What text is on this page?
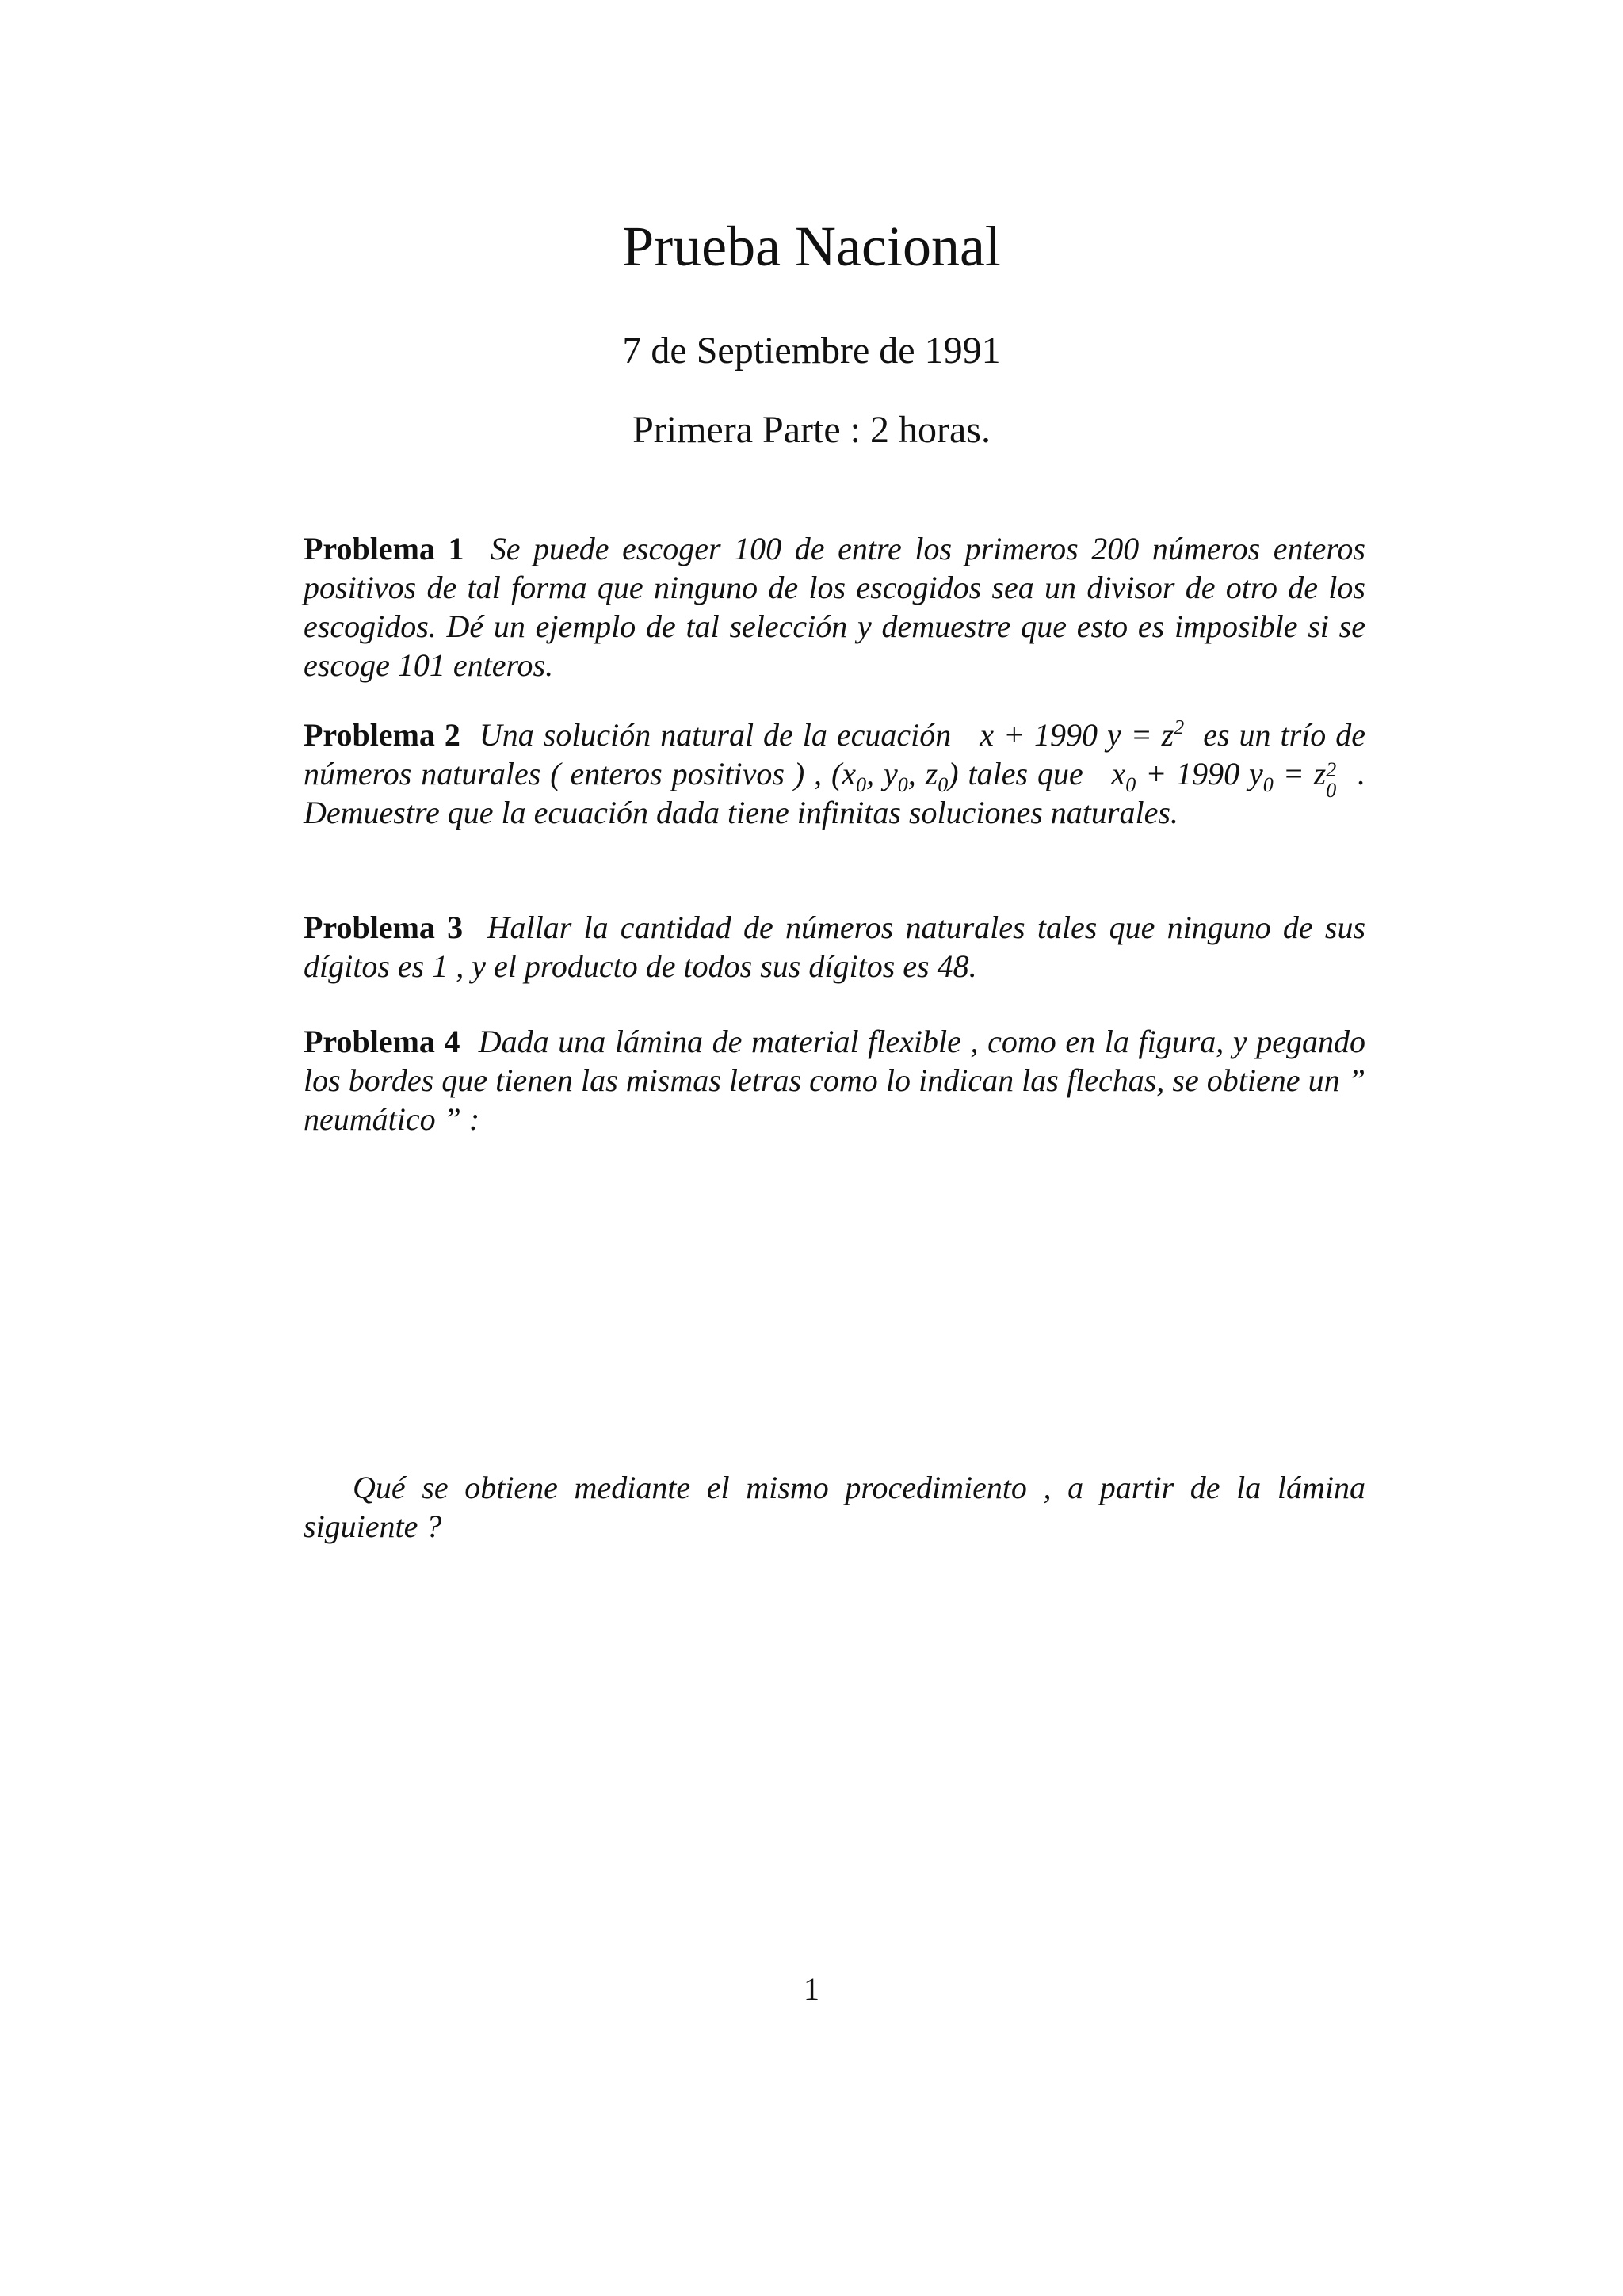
Prueba Nacional
7 de Septiembre de 1991
Primera Parte : 2 horas.
Problema 1 Se puede escoger 100 de entre los primeros 200 números enteros positivos de tal forma que ninguno de los escogidos sea un divisor de otro de los escogidos. Dé un ejemplo de tal selección y demuestre que esto es imposible si se escoge 101 enteros.
Problema 2 Una solución natural de la ecuación x + 1990 $y = z^2$ es un trío de números naturales ( enteros positivos ) , ($x_0$, $y_0$, $z_0$) tales que $x_0 + 1990$ $y_0 = z$ 2
0 . Demuestre que la ecuación dada tiene infinitas soluciones naturales.
Problema 3 Hallar la cantidad de números naturales tales que ninguno de sus dígitos es 1 , y el producto de todos sus dígitos es 48.
Problema 4 Dada una lámina de material flexible , como en la figura, y pegando los bordes que tienen las mismas letras como lo indican las flechas, se obtiene un ” neumático ” :
Qué se obtiene mediante el mismo procedimiento , a partir de la lámina siguiente ?
1
